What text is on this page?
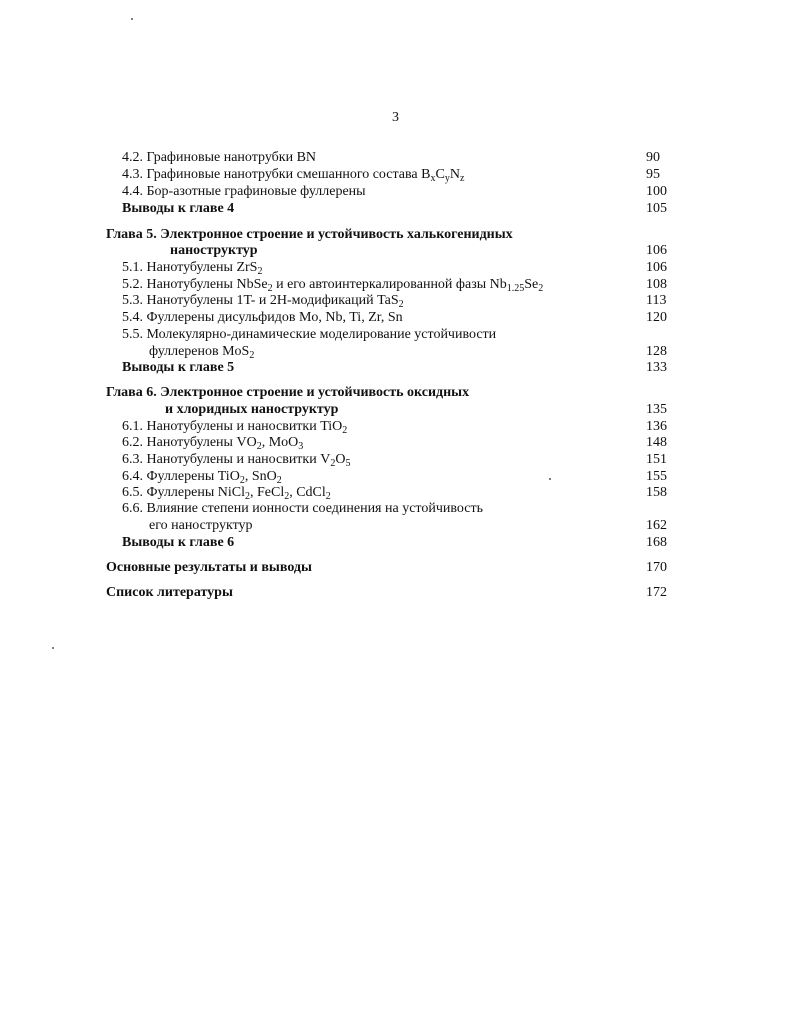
3
4.2. Графиновые нанотрубки BN	90
4.3. Графиновые нанотрубки смешанного состава $B_xC_yN_z$	95
4.4. Бор-азотные графиновые фуллерены	100
Выводы к главе 4	105
Глава 5. Электронное строение и устойчивость халькогенидных
наноструктур	106
5.1. Нанотубулены ZrS$_2$	106
5.2. Нанотубулены NbSe$_2$ и его автоинтеркалированной фазы $Nb_{1.25}Se_2$	108
5.3. Нанотубулены 1T- и 2H-модификаций TaS$_2$	113
5.4. Фуллерены дисульфидов Mo, Nb, Ti, Zr, Sn	120
5.5. Молекулярно-динамические моделирование устойчивости
фуллеренов MoS$_2$	128
Выводы к главе 5	133
Глава 6. Электронное строение и устойчивость оксидных
и хлоридных наноструктур	135
6.1. Нанотубулены и наносвитки TiO$_2$	136
6.2. Нанотубулены $VO_2$, MoO$_3$	148
6.3. Нанотубулены и наносвитки $V_2O_5$	151
6.4. Фуллерены TiO$_2$, SnO$_2$	155
6.5. Фуллерены NiCl$_2$, FeCl$_2$, CdCl$_2$	158
6.6. Влияние степени ионности соединения на устойчивость
его наноструктур	162
Выводы к главе 6	168
Основные результаты и выводы	170
Список литературы	172
